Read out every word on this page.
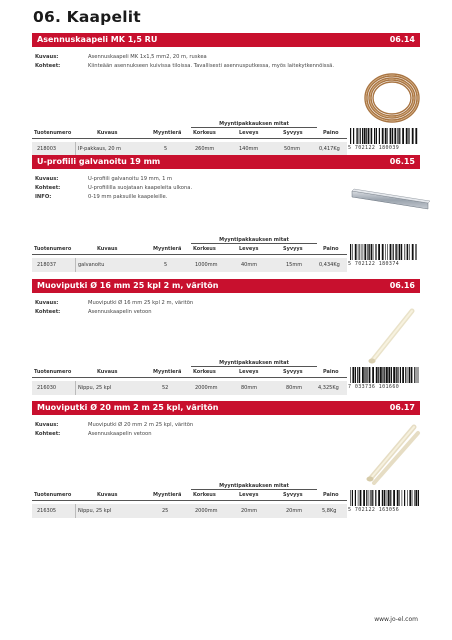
06. Kaapelit
Asennuskaapeli MK 1,5 RU	06.14
Kuvaus:	Asennuskaapeli MK 1x1,5 mm2, 20 m, ruskea
Kohteet:	Kiinteään asennukseen kuivissa tiloissa. Tavallisesti asennusputkessa, myös laitekytkennöissä.
Myyntipakkauksen mitat
Tuotenumero	Kuvaus	Myyntierä Korkeus	Leveys	Syvyys	Paino
218003	IP-pakkaus, 20 m	5	260mm	140mm	50mm	0,417Kg 5 702122 180039
U-profiili galvanoitu 19 mm	06.15
Kuvaus:	U-profiili galvanoitu 19 mm, 1 m
Kohteet:	U-profiililla suojataan kaapeleita ulkona.
INFO:	0-19 mm paksuille kaapeleille.
Myyntipakkauksen mitat
Tuotenumero	Kuvaus	Myyntierä Korkeus	Leveys	Syvyys	Paino
218037	galvanoitu	5	1000mm	40mm	15mm	0,434Kg 5 702122 180374
Muoviputki Ø 16 mm 25 kpl 2 m, väritön	06.16
Kuvaus:	Muoviputki Ø 16 mm 25 kpl 2 m, väritön
Kohteet:	Asennuskaapelin vetoon
Myyntipakkauksen mitat
Tuotenumero	Kuvaus	Myyntierä Korkeus	Leveys	Syvyys	Paino
216030	Nippu, 25 kpl	52	2000mm	80mm	80mm	4,325Kg 7 033736 101660
Muoviputki Ø 20 mm 2 m 25 kpl, väritön	06.17
Kuvaus:	Muoviputki Ø 20 mm 2 m 25 kpl, väritön
Kohteet:	Asennuskaapelin vetoon
Myyntipakkauksen mitat
Tuotenumero	Kuvaus	Myyntierä Korkeus	Leveys	Syvyys	Paino
216305	Nippu, 25 kpl	25	2000mm	20mm	20mm	5,8Kg 5 702122 163056
www.jo-el.com
